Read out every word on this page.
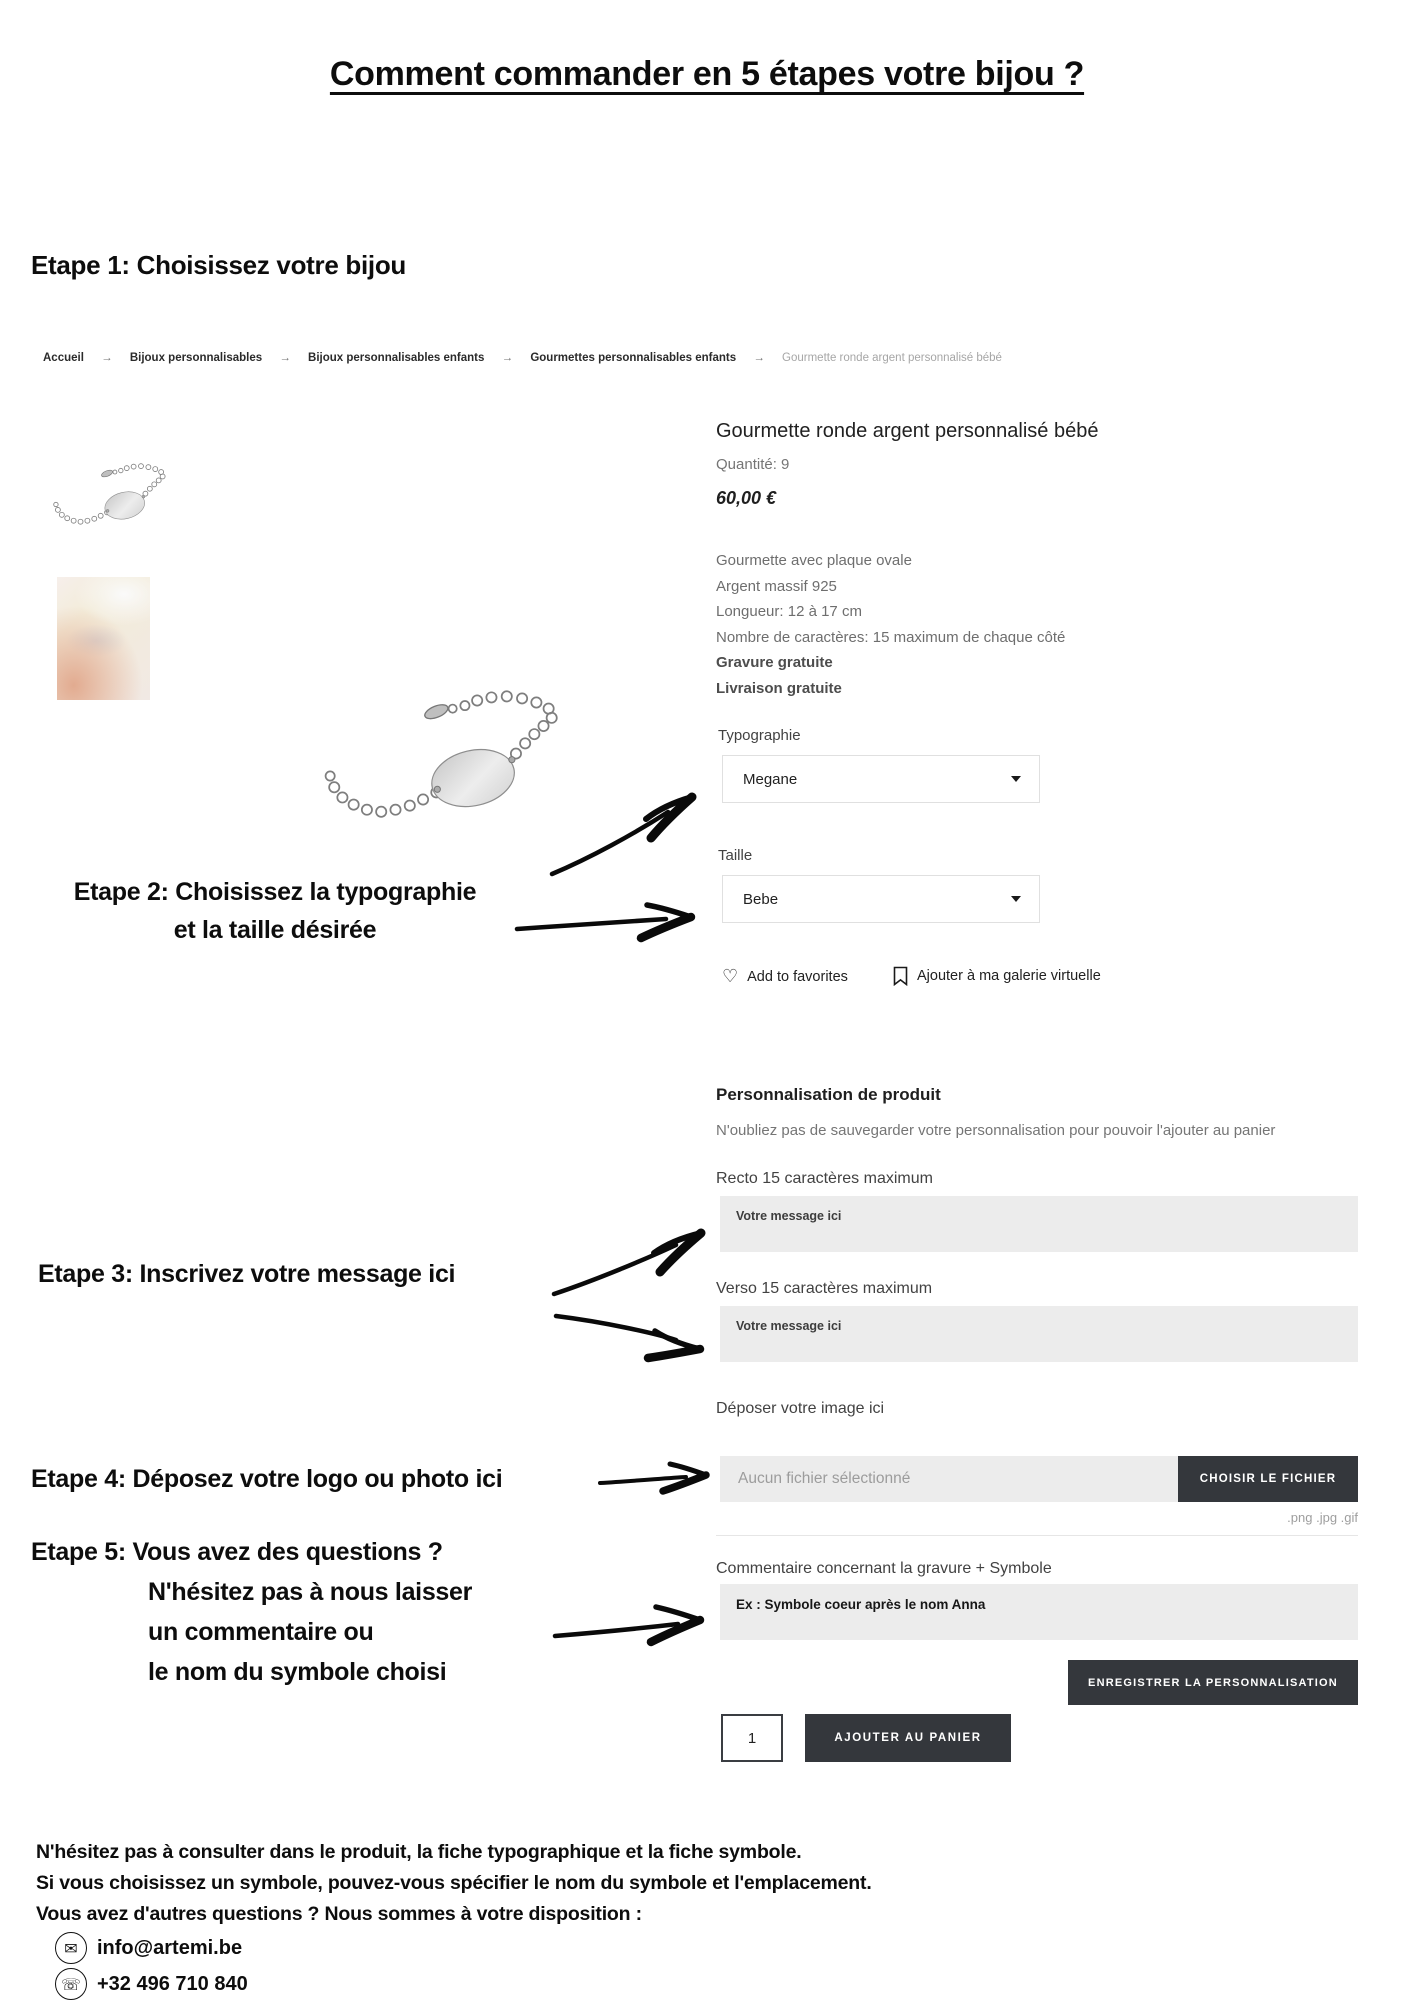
Comment commander en 5 étapes votre bijou ?
Etape 1: Choisissez votre bijou
Accueil → Bijoux personnalisables → Bijoux personnalisables enfants → Gourmettes personnalisables enfants → Gourmette ronde argent personnalisé bébé
Gourmette ronde argent personnalisé bébé
Quantité: 9
60,00 €
Gourmette avec plaque ovale
Argent massif 925
Longueur: 12 à 17 cm
Nombre de caractères: 15 maximum de chaque côté
Gravure gratuite
Livraison gratuite
Typographie
Megane
Taille
Bebe
♡ Add to favorites	Ajouter à ma galerie virtuelle
Personnalisation de produit
N'oubliez pas de sauvegarder votre personnalisation pour pouvoir l'ajouter au panier
Recto 15 caractères maximum
Votre message ici
Verso 15 caractères maximum
Votre message ici
Déposer votre image ici
Aucun fichier sélectionné	CHOISIR LE FICHIER
.png .jpg .gif
Commentaire concernant la gravure + Symbole
Ex : Symbole coeur après le nom Anna
ENREGISTRER LA PERSONNALISATION
1
AJOUTER AU PANIER
Etape 2: Choisissez la typographie
et la taille désirée
Etape 3: Inscrivez votre message ici
Etape 4: Déposez votre logo ou photo ici
Etape 5: Vous avez des questions ?
N'hésitez pas à nous laisser
un commentaire ou
le nom du symbole choisi
N'hésitez pas à consulter dans le produit, la fiche typographique et la fiche symbole.
Si vous choisissez un symbole, pouvez-vous spécifier le nom du symbole et l'emplacement.
Vous avez d'autres questions ? Nous sommes à votre disposition :
✉ info@artemi.be
☏ +32 496 710 840
